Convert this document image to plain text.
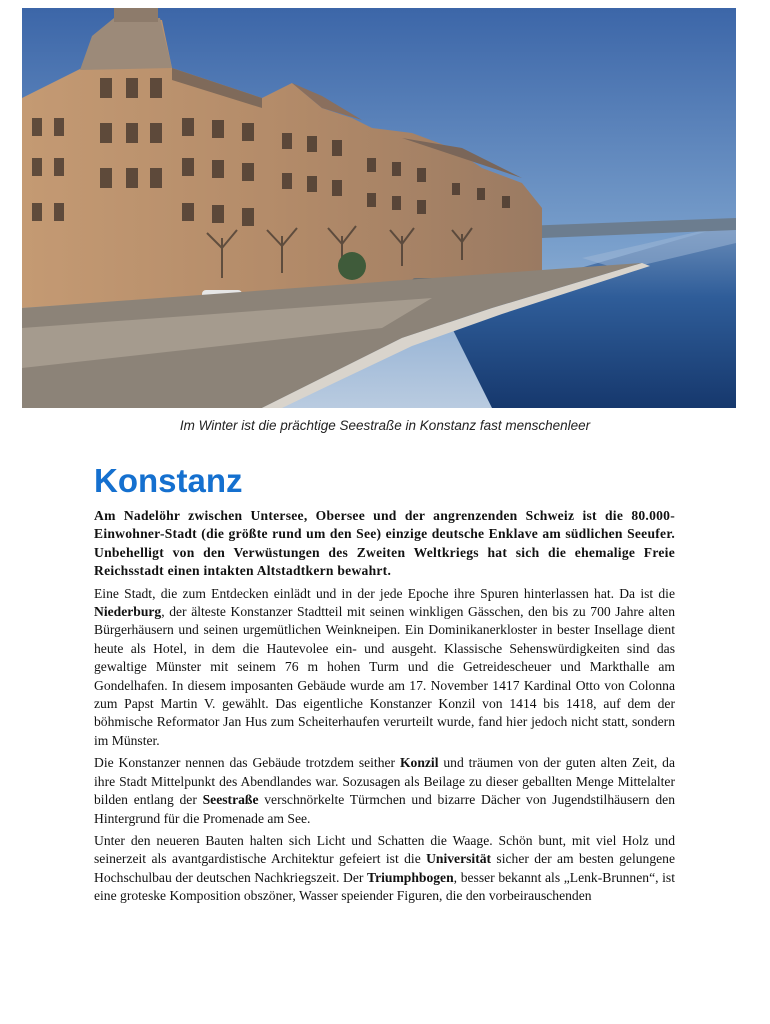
Im Winter ist die prächtige Seestraße in Konstanz fast menschenleer
Konstanz

Am Nadelöhr zwischen Untersee, Obersee und der angrenzenden Schweiz ist die 80.000-Einwohner-Stadt (die größte rund um den See) einzige deutsche Enklave am südlichen Seeufer. Unbehelligt von den Verwüstungen des Zweiten Weltkriegs hat sich die ehemalige Freie Reichsstadt einen intakten Altstadtkern bewahrt.

Eine Stadt, die zum Entdecken einlädt und in der jede Epoche ihre Spuren hinterlassen hat. Da ist die Niederburg, der älteste Konstanzer Stadtteil mit seinen winkligen Gässchen, den bis zu 700 Jahre alten Bürgerhäusern und seinen urgemütlichen Weinkneipen. Ein Dominikanerkloster in bester Insellage dient heute als Hotel, in dem die Hautevolee ein- und ausgeht. Klassische Sehenswürdigkeiten sind das gewaltige Münster mit seinem 76 m hohen Turm und die Getreidescheuer und Markthalle am Gondelhafen. In diesem imposanten Gebäude wurde am 17. November 1417 Kardinal Otto von Colonna zum Papst Martin V. gewählt. Das eigentliche Konstanzer Konzil von 1414 bis 1418, auf dem der böhmische Reformator Jan Hus zum Scheiterhaufen verurteilt wurde, fand hier jedoch nicht statt, sondern im Münster.

Die Konstanzer nennen das Gebäude trotzdem seither Konzil und träumen von der guten alten Zeit, da ihre Stadt Mittelpunkt des Abendlandes war. Sozusagen als Beilage zu dieser geballten Menge Mittelalter bilden entlang der Seestraße verschnörkelte Türmchen und bizarre Dächer von Jugendstilhäusern den Hintergrund für die Promenade am See.

Unter den neueren Bauten halten sich Licht und Schatten die Waage. Schön bunt, mit viel Holz und seinerzeit als avantgardistische Architektur gefeiert ist die Universität sicher der am besten gelungene Hochschulbau der deutschen Nachkriegszeit. Der Triumphbogen, besser bekannt als „Lenk-Brunnen“, ist eine groteske Komposition obszöner, Wasser speiender Figuren, die den vorbeirauschenden
